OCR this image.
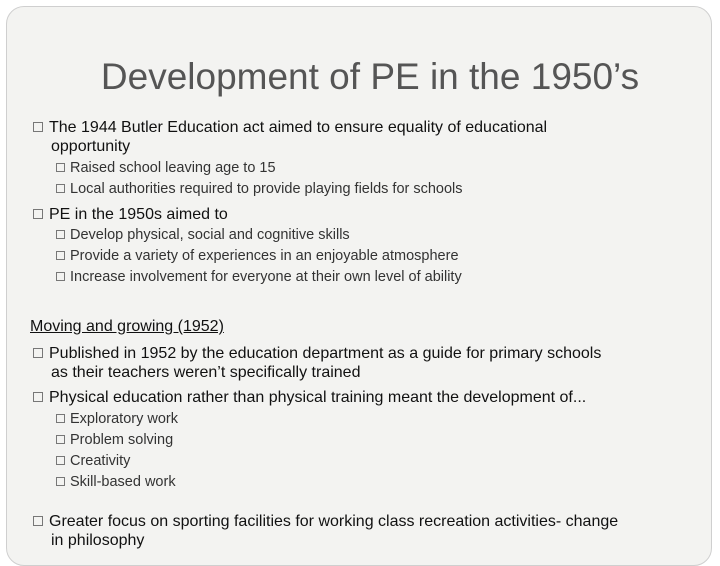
Development of PE in the 1950’s
The 1944 Butler Education act aimed to ensure equality of educational
opportunity
Raised school leaving age to 15
Local authorities required to provide playing fields for schools
PE in the 1950s aimed to
Develop physical, social and cognitive skills
Provide a variety of experiences in an enjoyable atmosphere
Increase involvement for everyone at their own level of ability
Moving and growing (1952)
Published in 1952 by the education department as a guide for primary schools
as their teachers weren’t specifically trained
Physical education rather than physical training meant the development of...
Exploratory work
Problem solving
Creativity
Skill-based work
Greater focus on sporting facilities for working class recreation activities- change
in philosophy
